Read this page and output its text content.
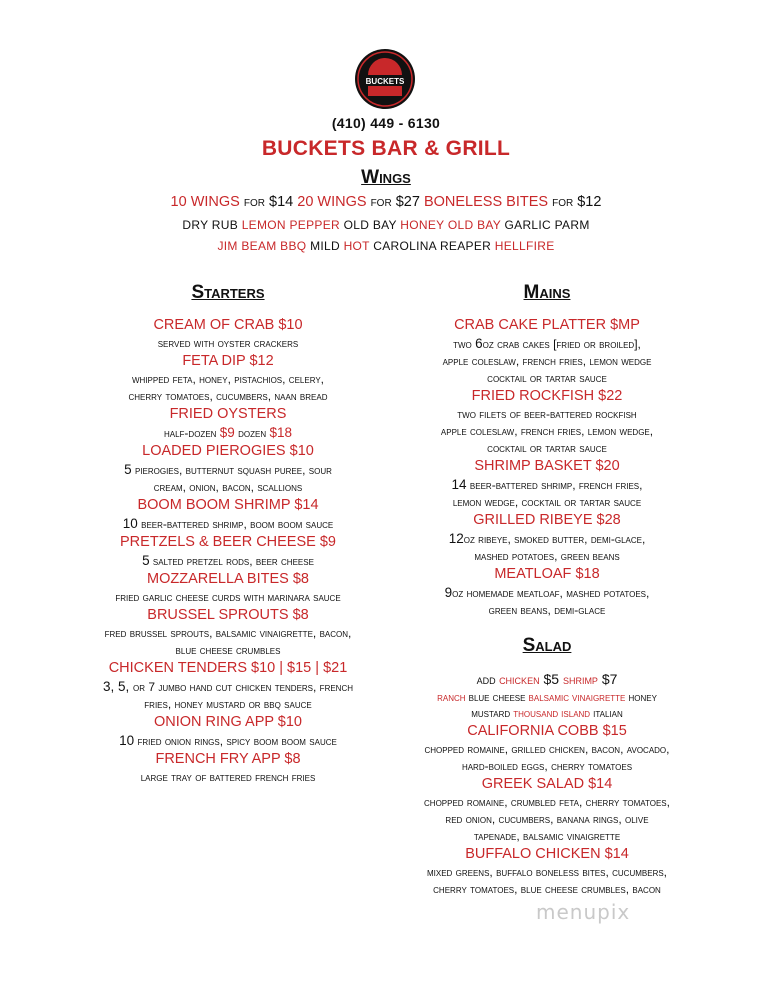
BUCKETS
(410) 449 - 6130
BUCKETS BAR & GRILL
Wings
10 WINGS for $14 20 WINGS for $27 BONELESS BITES for $12
DRY RUB LEMON PEPPER OLD BAY HONEY OLD BAY GARLIC PARM
JIM BEAM BBQ MILD HOT CAROLINA REAPER HELLFIRE
Starters
CREAM OF CRAB $10
served with oyster crackers
FETA DIP $12
whipped feta, honey, pistachios, celery,
cherry tomatoes, cucumbers, naan bread
FRIED OYSTERS
half-dozen $9 dozen $18
LOADED PIEROGIES $10
5 pierogies, butternut squash puree, sour
cream, onion, bacon, scallions
BOOM BOOM SHRIMP $14
10 beer-battered shrimp, boom boom sauce
PRETZELS & BEER CHEESE $9
5 salted pretzel rods, beer cheese
MOZZARELLA BITES $8
fried garlic cheese curds with marinara sauce
BRUSSEL SPROUTS $8
fred brussel sprouts, balsamic vinaigrette, bacon,
blue cheese crumbles
CHICKEN TENDERS $10 | $15 | $21
3, 5, or 7 jumbo hand cut chicken tenders, french
fries, honey mustard or bbq sauce
ONION RING APP $10
10 fried onion rings, spicy boom boom sauce
FRENCH FRY APP $8
large tray of battered french fries
Mains
CRAB CAKE PLATTER $MP
two 6oz crab cakes [fried or broiled],
apple coleslaw, french fries, lemon wedge
cocktail or tartar sauce
FRIED ROCKFISH $22
two filets of beer-battered rockfish
apple coleslaw, french fries, lemon wedge,
cocktail or tartar sauce
SHRIMP BASKET $20
14 beer-battered shrimp, french fries,
lemon wedge, cocktail or tartar sauce
GRILLED RIBEYE $28
12oz ribeye, smoked butter, demi-glace,
mashed potatoes, green beans
MEATLOAF $18
9oz homemade meatloaf, mashed potatoes,
green beans, demi-glace
Salad
add chicken $5 shrimp $7
ranch blue cheese balsamic vinaigrette honey
mustard thousand island italian
CALIFORNIA COBB $15
chopped romaine, grilled chicken, bacon, avocado,
hard-boiled eggs, cherry tomatoes
GREEK SALAD $14
chopped romaine, crumbled feta, cherry tomatoes,
red onion, cucumbers, banana rings, olive
tapenade, balsamic vinaigrette
BUFFALO CHICKEN $14
mixed greens, buffalo boneless bites, cucumbers,
cherry tomatoes, blue cheese crumbles, bacon
menupix
